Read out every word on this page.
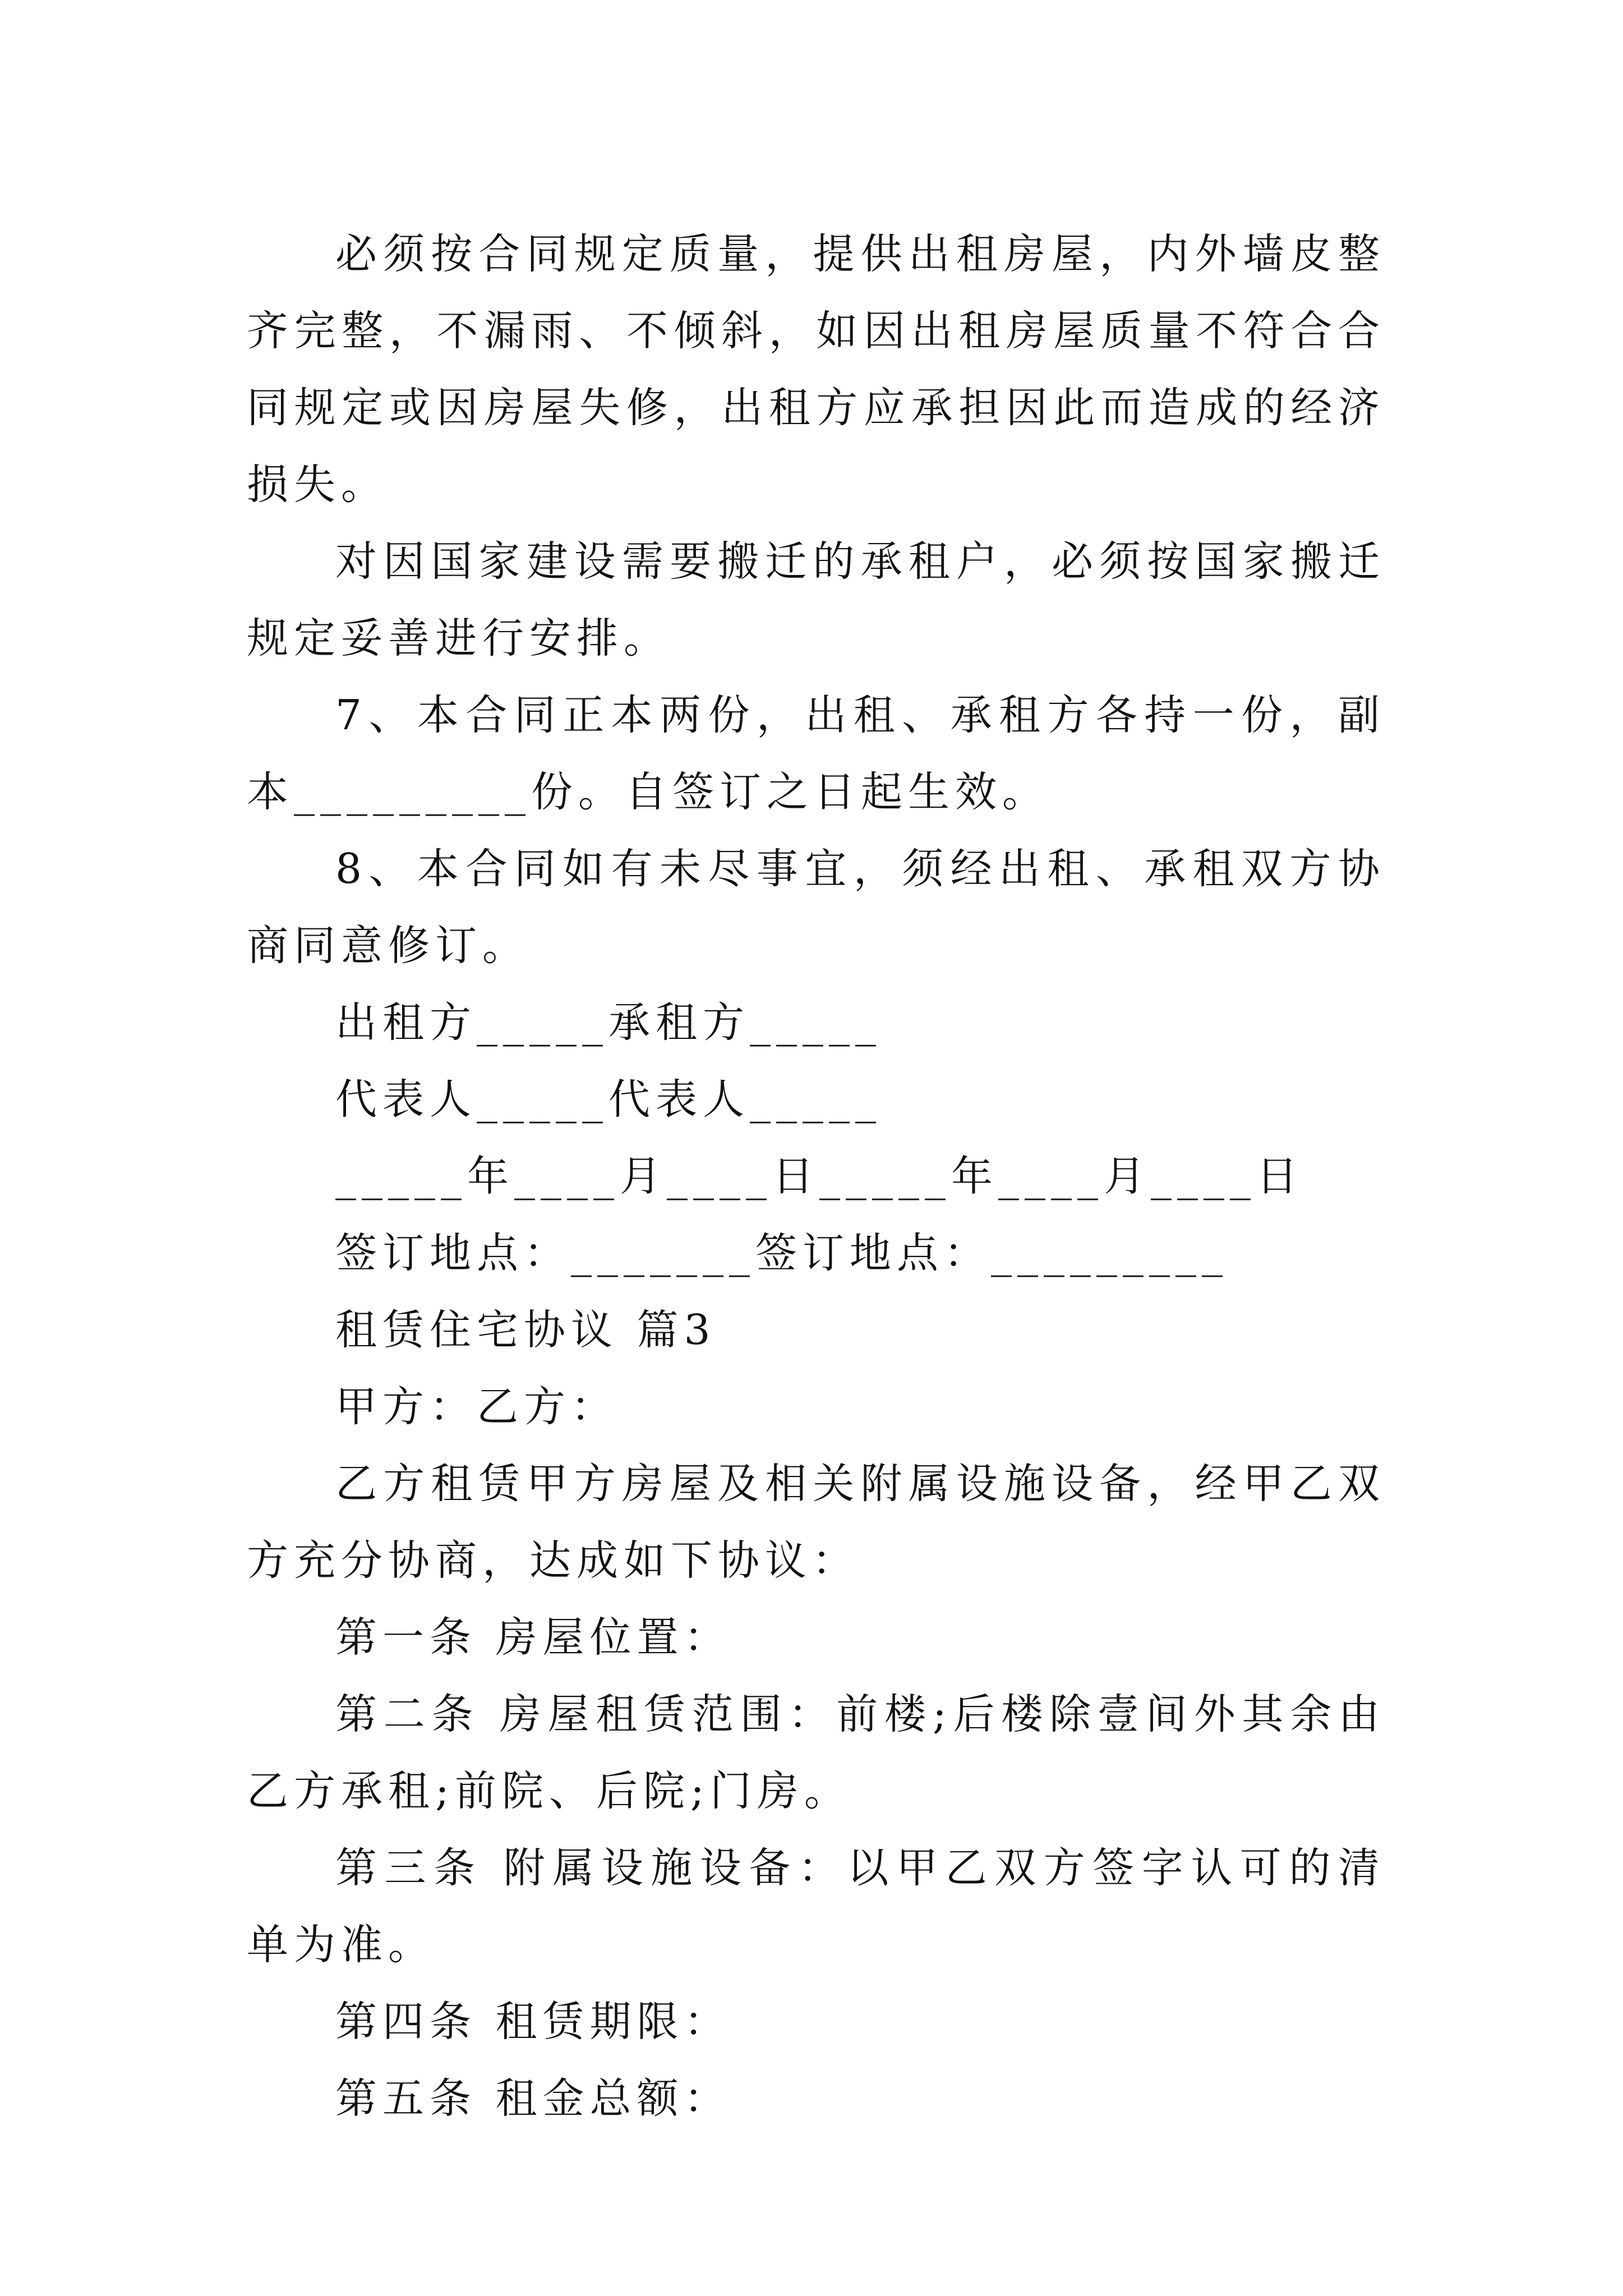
必须按合同规定质量，提供出租房屋，内外墙皮整齐完整，不漏雨、不倾斜，如因出租房屋质量不符合合同规定或因房屋失修，出租方应承担因此而造成的经济损失。

对因国家建设需要搬迁的承租户，必须按国家搬迁规定妥善进行安排。

7、本合同正本两份，出租、承租方各持一份，副本_________份。自签订之日起生效。

8、本合同如有未尽事宜，须经出租、承租双方协商同意修订。

出租方_____承租方_____

代表人_____代表人_____

_____年____月____日_____年____月____日

签订地点：_______签订地点：_________

租赁住宅协议 篇3

甲方：乙方：

乙方租赁甲方房屋及相关附属设施设备，经甲乙双方充分协商，达成如下协议：

第一条 房屋位置：

第二条 房屋租赁范围：前楼;后楼除壹间外其余由乙方承租;前院、后院;门房。

第三条 附属设施设备：以甲乙双方签字认可的清单为准。

第四条 租赁期限：

第五条 租金总额：
